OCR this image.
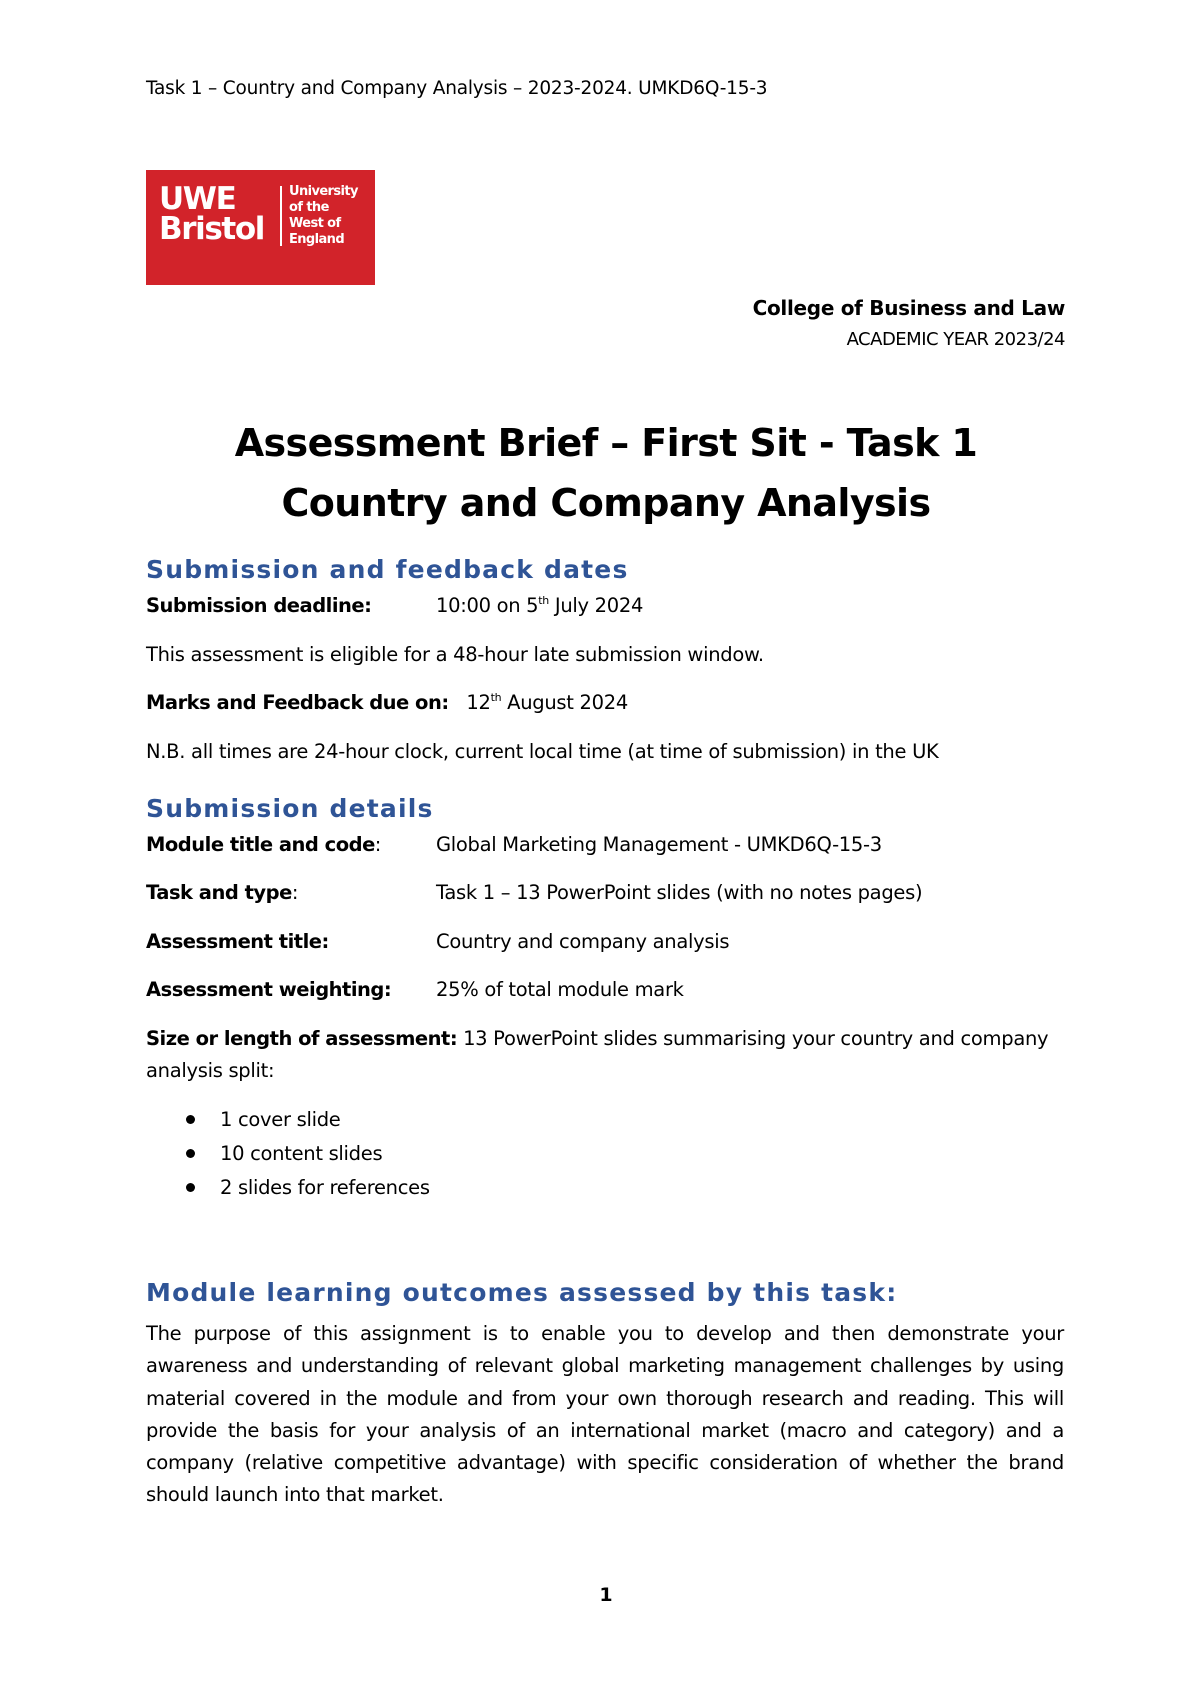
Task 1 – Country and Company Analysis – 2023-2024. UMKD6Q-15-3
UWE
Bristol
University
of the
West of
England
College of Business and Law
ACADEMIC YEAR 2023/24
Assessment Brief – First Sit - Task 1
Country and Company Analysis
Submission and feedback dates
Submission deadline:	10:00 on 5th July 2024
This assessment is eligible for a 48-hour late submission window.
Marks and Feedback due on: 12th August 2024
N.B. all times are 24-hour clock, current local time (at time of submission) in the UK
Submission details
Module title and code:	Global Marketing Management - UMKD6Q-15-3
Task and type:	Task 1 – 13 PowerPoint slides (with no notes pages)
Assessment title:	Country and company analysis
Assessment weighting: 25% of total module mark
Size or length of assessment: 13 PowerPoint slides summarising your country and company
analysis split:
1 cover slide
10 content slides
2 slides for references
Module learning outcomes assessed by this task:

The purpose of this assignment is to enable you to develop and then demonstrate your awareness and understanding of relevant global marketing management challenges by using material covered in the module and from your own thorough research and reading. This will provide the basis for your analysis of an international market (macro and category) and a company (relative competitive advantage) with specific consideration of whether the brand should launch into that market.

1
